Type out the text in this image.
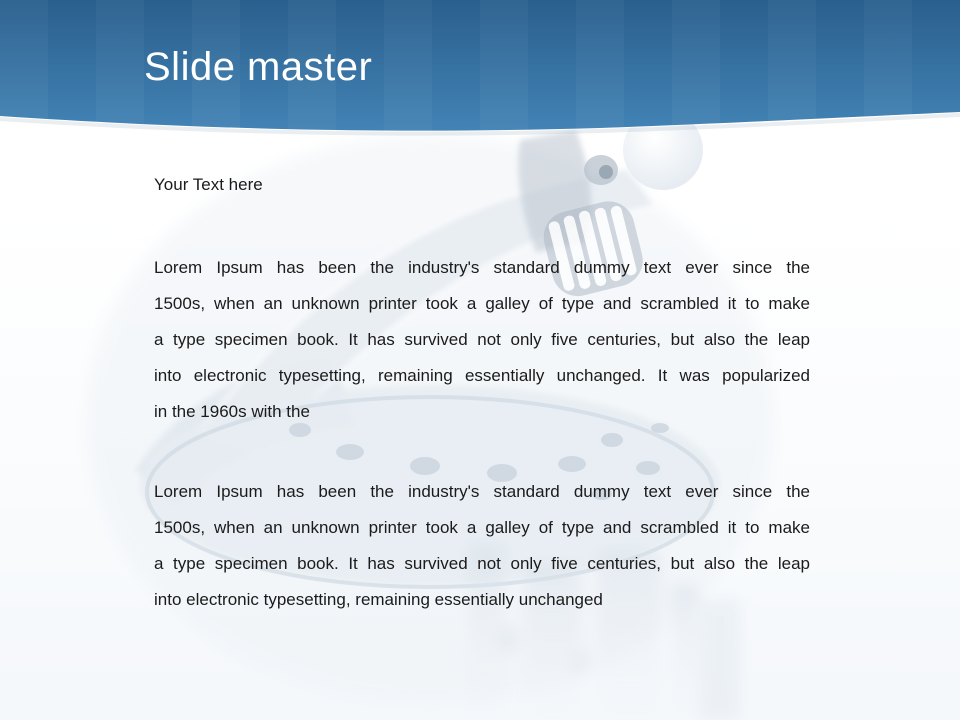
Slide master
Your Text here
Lorem Ipsum has been the industry's standard dummy text ever since the
1500s, when an unknown printer took a galley of type and scrambled it to make
a type specimen book. It has survived not only five centuries, but also the leap
into electronic typesetting, remaining essentially unchanged. It was popularized
in the 1960s with the
Lorem Ipsum has been the industry's standard dummy text ever since the
1500s, when an unknown printer took a galley of type and scrambled it to make
a type specimen book. It has survived not only five centuries, but also the leap
into electronic typesetting, remaining essentially unchanged
